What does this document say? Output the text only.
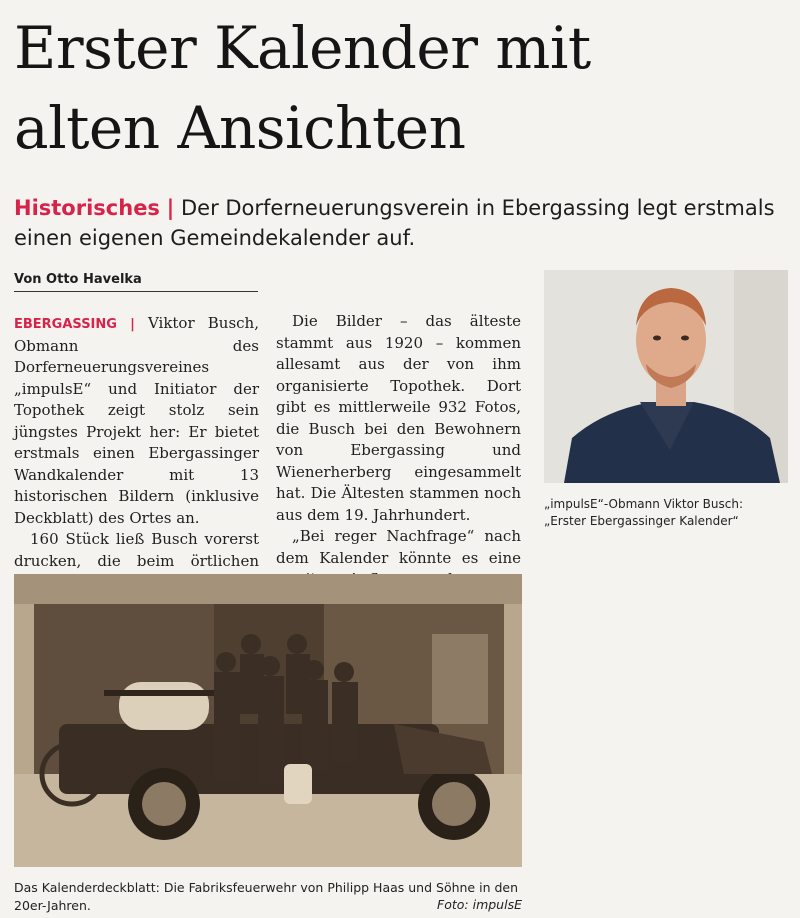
Erster Kalender mit
alten Ansichten
Historisches | Der Dorferneuerungsverein in Ebergassing legt erstmals einen eigenen Gemeindekalender auf.
Von Otto Havelka

EBERGASSING | Viktor Busch, Obmann des Dorferneuerungsvereines „impulsE“ und Initiator der Topothek zeigt stolz sein jüngstes Projekt her: Er bietet erstmals einen Ebergassinger Wandkalender mit 13 historischen Bildern (inklusive Deckblatt) des Ortes an.

160 Stück ließ Busch vorerst drucken, die beim örtlichen

Die Bilder – das älteste stammt aus 1920 – kommen allesamt aus der von ihm organisierte Topothek. Dort gibt es mittlerweile 932 Fotos, die Busch bei den Bewohnern von Ebergassing und Wienerherberg eingesammelt hat. Die Ältesten stammen noch aus dem 19. Jahrhundert.

„Bei reger Nachfrage“ nach dem Kalender könnte es eine

„impulsE“-Obmann Viktor Busch:
„Erster Ebergassinger Kalender“
Das Kalenderdeckblatt: Die Fabriksfeuerwehr von Philipp Haas und Söhne in den 20er-Jahren.	Foto: impulsE
